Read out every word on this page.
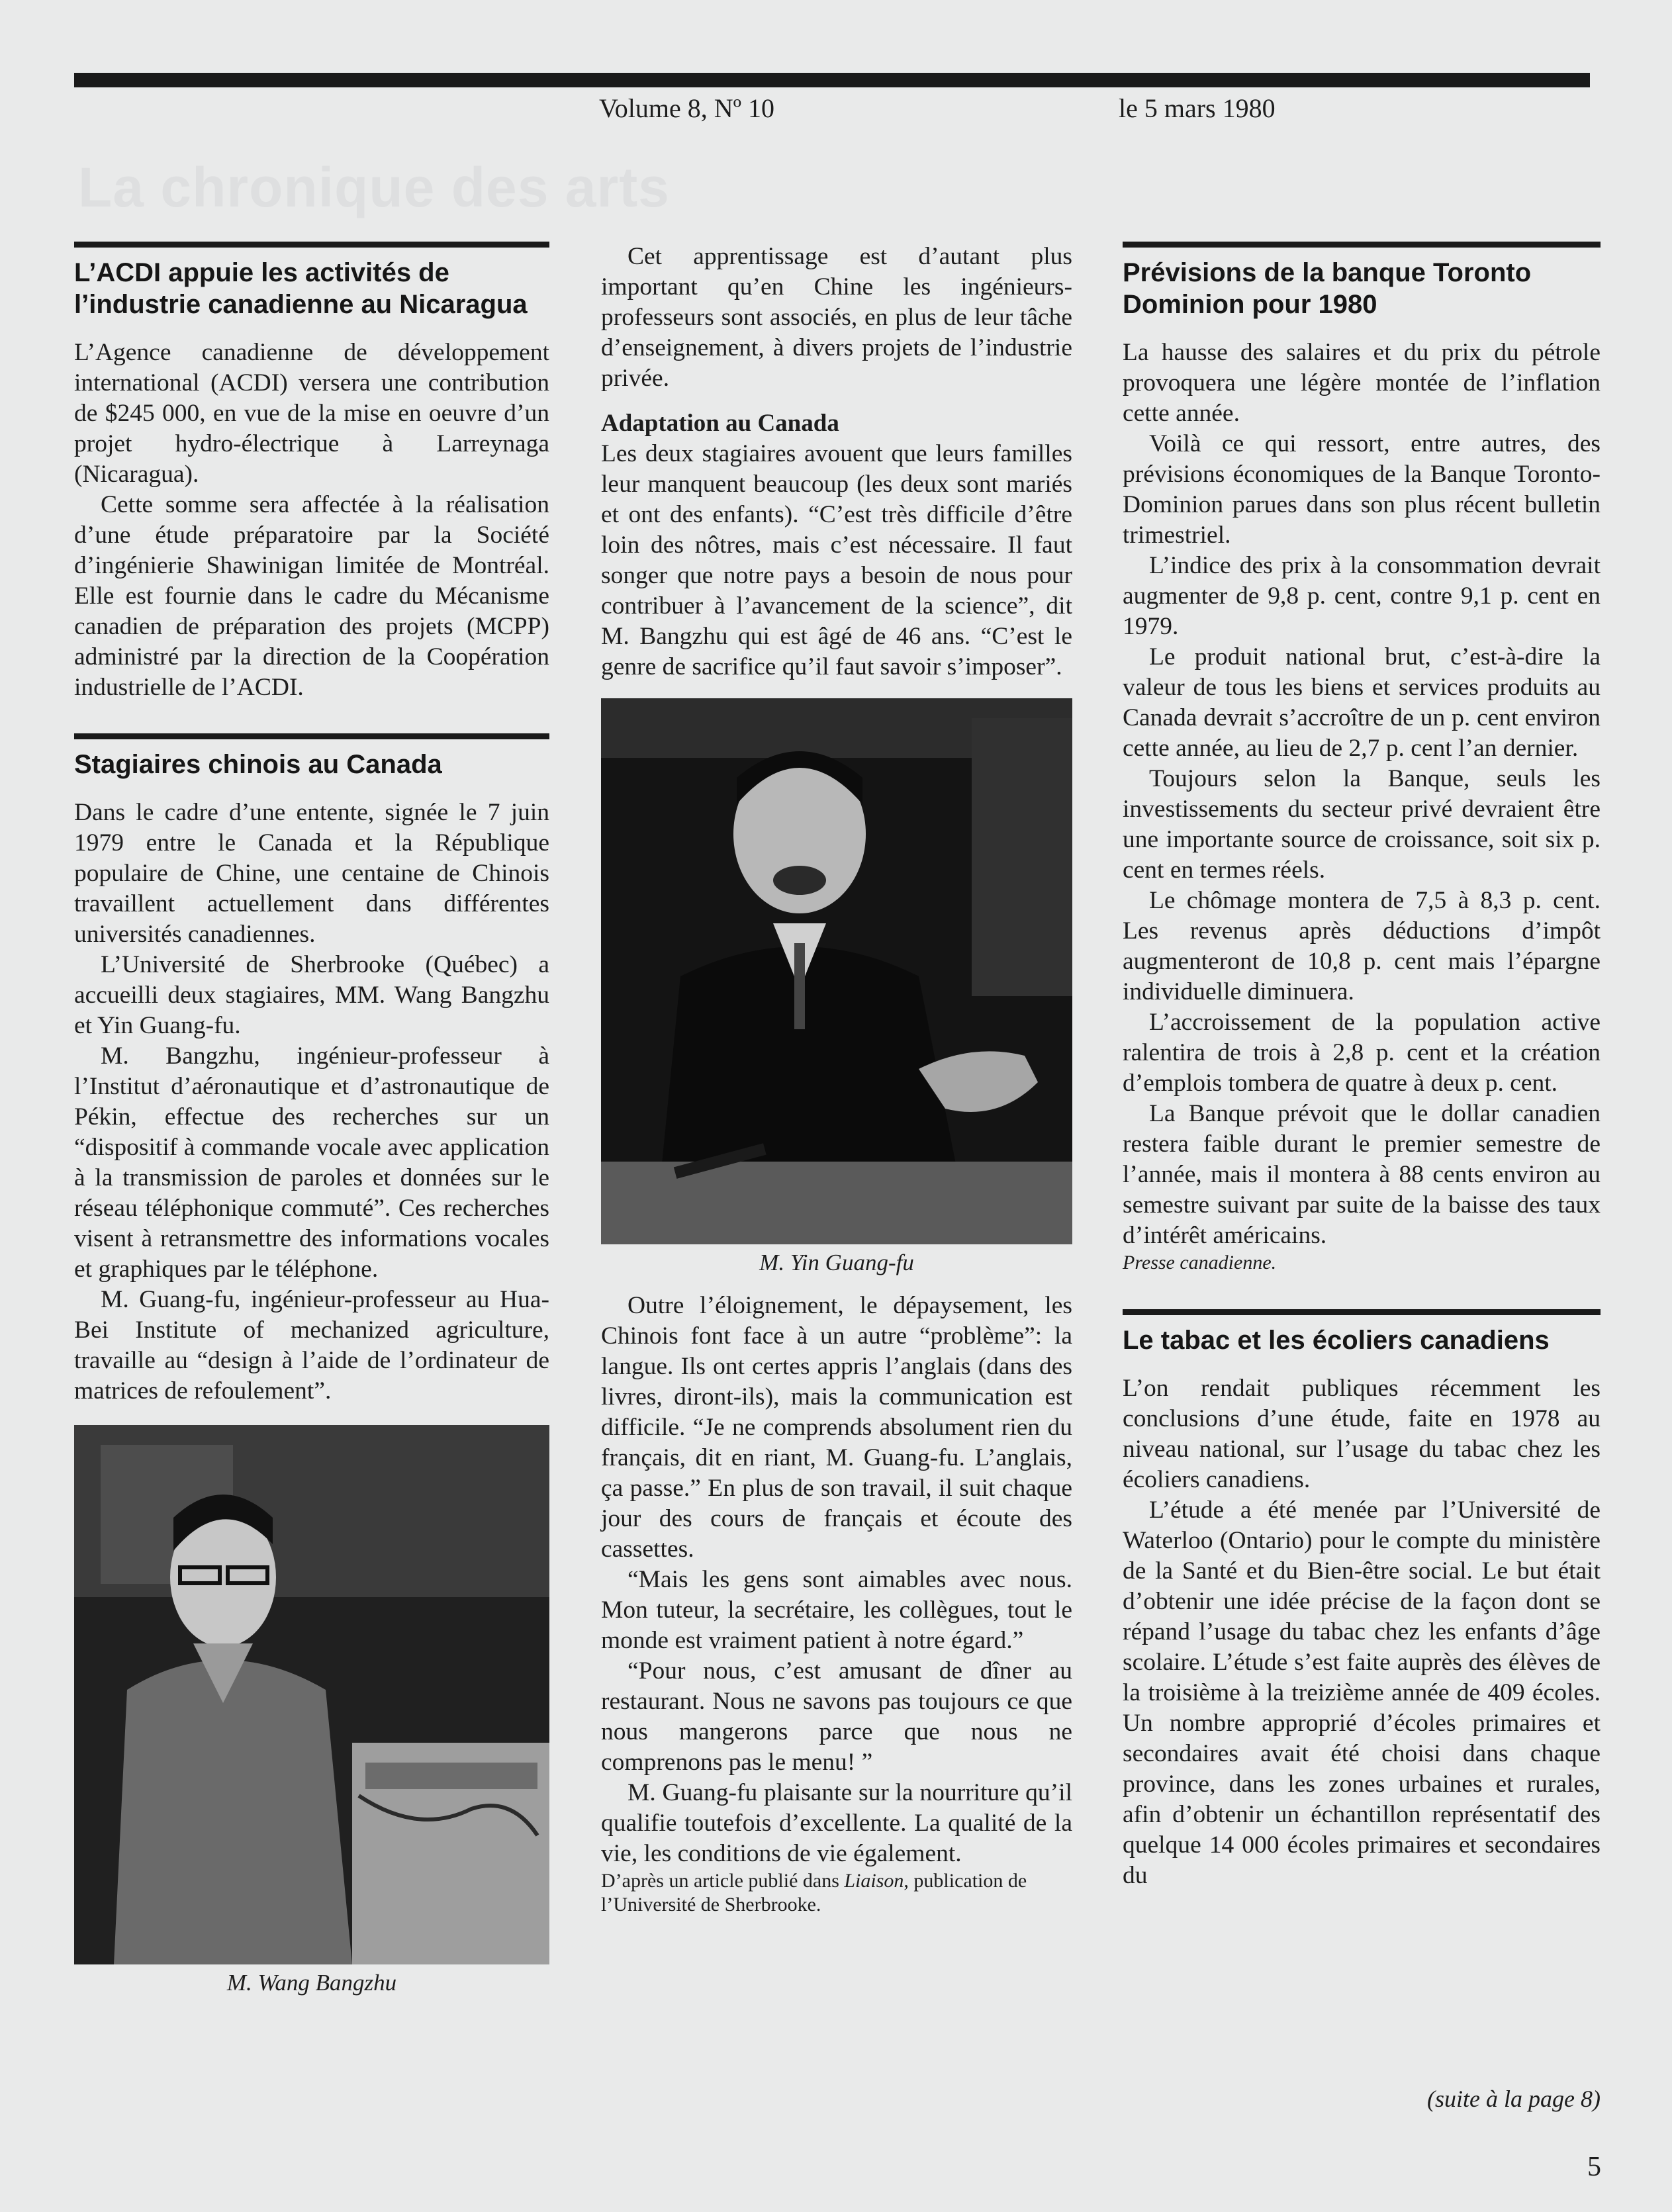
Volume 8, Nº 10	le 5 mars 1980
La chronique des arts
L’ACDI appuie les activités de l’industrie canadienne au Nicaragua

L’Agence canadienne de développement international (ACDI) versera une contribution de $245 000, en vue de la mise en oeuvre d’un projet hydro-électrique à Larreynaga (Nicaragua).

Cette somme sera affectée à la réalisation d’une étude préparatoire par la Société d’ingénierie Shawinigan limitée de Montréal. Elle est fournie dans le cadre du Mécanisme canadien de préparation des projets (MCPP) administré par la direction de la Coopération industrielle de l’ACDI.

Stagiaires chinois au Canada

Dans le cadre d’une entente, signée le 7 juin 1979 entre le Canada et la République populaire de Chine, une centaine de Chinois travaillent actuellement dans différentes universités canadiennes.

L’Université de Sherbrooke (Québec) a accueilli deux stagiaires, MM. Wang Bangzhu et Yin Guang-fu.

M. Bangzhu, ingénieur-professeur à l’Institut d’aéronautique et d’astronautique de Pékin, effectue des recherches sur un “dispositif à commande vocale avec application à la transmission de paroles et données sur le réseau téléphonique commuté”. Ces recherches visent à retransmettre des informations vocales et graphiques par le téléphone.

M. Guang-fu, ingénieur-professeur au Hua-Bei Institute of mechanized agriculture, travaille au “design à l’aide de l’ordinateur de matrices de refoulement”.

M. Wang Bangzhu

Cet apprentissage est d’autant plus important qu’en Chine les ingénieurs-professeurs sont associés, en plus de leur tâche d’enseignement, à divers projets de l’industrie privée.

Adaptation au Canada

Les deux stagiaires avouent que leurs familles leur manquent beaucoup (les deux sont mariés et ont des enfants). “C’est très difficile d’être loin des nôtres, mais c’est nécessaire. Il faut songer que notre pays a besoin de nous pour contribuer à l’avancement de la science”, dit M. Bangzhu qui est âgé de 46 ans. “C’est le genre de sacrifice qu’il faut savoir s’imposer”.

M. Yin Guang-fu

Outre l’éloignement, le dépaysement, les Chinois font face à un autre “problème”: la langue. Ils ont certes appris l’anglais (dans des livres, diront-ils), mais la communication est difficile. “Je ne comprends absolument rien du français, dit en riant, M. Guang-fu. L’anglais, ça passe.” En plus de son travail, il suit chaque jour des cours de français et écoute des cassettes.

“Mais les gens sont aimables avec nous. Mon tuteur, la secrétaire, les collègues, tout le monde est vraiment patient à notre égard.”

“Pour nous, c’est amusant de dîner au restaurant. Nous ne savons pas toujours ce que nous mangerons parce que nous ne comprenons pas le menu! ”

M. Guang-fu plaisante sur la nourriture qu’il qualifie toutefois d’excellente. La qualité de la vie, les conditions de vie également.

D’après un article publié dans Liaison, publication de l’Université de Sherbrooke.
Prévisions de la banque Toronto Dominion pour 1980

La hausse des salaires et du prix du pétrole provoquera une légère montée de l’inflation cette année.

Voilà ce qui ressort, entre autres, des prévisions économiques de la Banque Toronto-Dominion parues dans son plus récent bulletin trimestriel.

L’indice des prix à la consommation devrait augmenter de 9,8 p. cent, contre 9,1 p. cent en 1979.

Le produit national brut, c’est-à-dire la valeur de tous les biens et services produits au Canada devrait s’accroître de un p. cent environ cette année, au lieu de 2,7 p. cent l’an dernier.

Toujours selon la Banque, seuls les investissements du secteur privé devraient être une importante source de croissance, soit six p. cent en termes réels.

Le chômage montera de 7,5 à 8,3 p. cent. Les revenus après déductions d’impôt augmenteront de 10,8 p. cent mais l’épargne individuelle diminuera.

L’accroissement de la population active ralentira de trois à 2,8 p. cent et la création d’emplois tombera de quatre à deux p. cent.

La Banque prévoit que le dollar canadien restera faible durant le premier semestre de l’année, mais il montera à 88 cents environ au semestre suivant par suite de la baisse des taux d’intérêt américains.

Presse canadienne.
Le tabac et les écoliers canadiens

L’on rendait publiques récemment les conclusions d’une étude, faite en 1978 au niveau national, sur l’usage du tabac chez les écoliers canadiens.

L’étude a été menée par l’Université de Waterloo (Ontario) pour le compte du ministère de la Santé et du Bien-être social. Le but était d’obtenir une idée précise de la façon dont se répand l’usage du tabac chez les enfants d’âge scolaire. L’étude s’est faite auprès des élèves de la troisième à la treizième année de 409 écoles. Un nombre approprié d’écoles primaires et secondaires avait été choisi dans chaque province, dans les zones urbaines et rurales, afin d’obtenir un échantillon représentatif des quelque 14 000 écoles primaires et secondaires du

(suite à la page 8)
5
